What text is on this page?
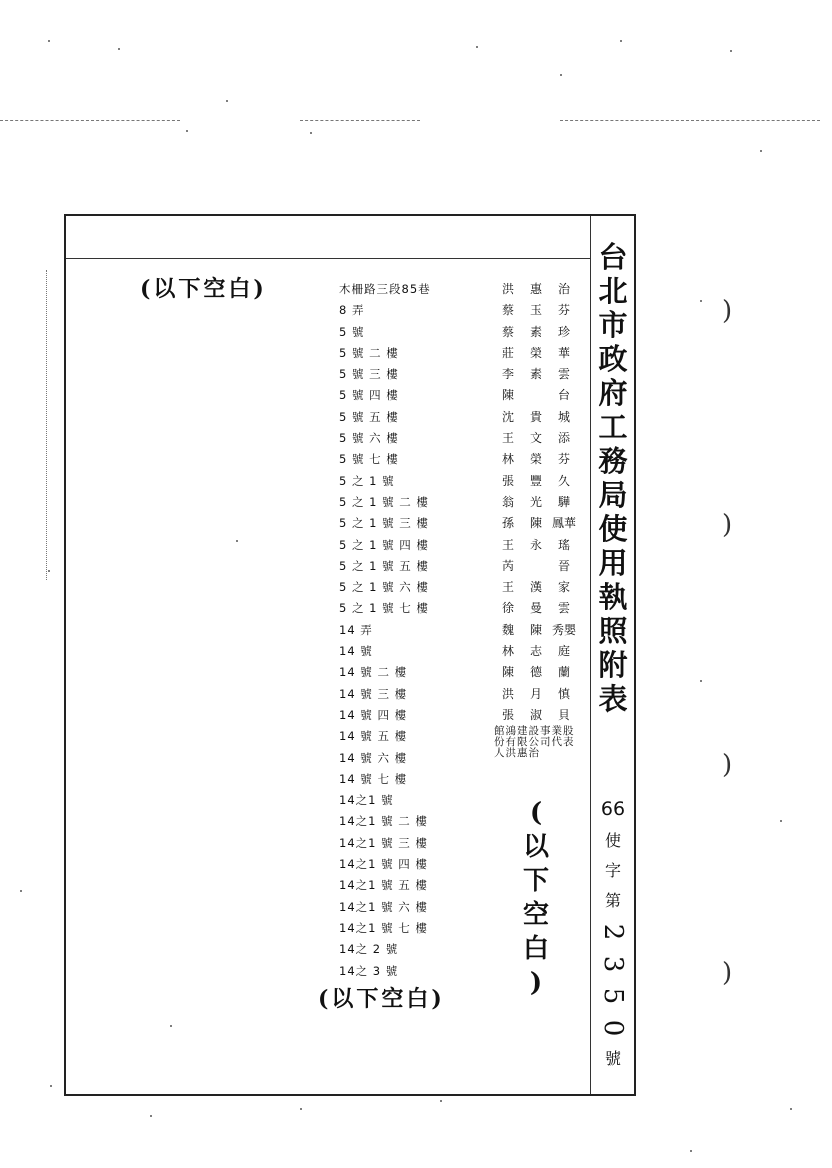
台
北
市
政
府
工
務
局
使
用
執
照
附
表
66
使
字
第
2
3
5
0
號
(以下空白)
(以下空白)
(
以
下
空
白
)
木柵路三段85巷
8 弄
5 號
5 號 二 樓
5 號 三 樓
5 號 四 樓
5 號 五 樓
5 號 六 樓
5 號 七 樓
5 之 1 號
5 之 1 號 二 樓
5 之 1 號 三 樓
5 之 1 號 四 樓
5 之 1 號 五 樓
5 之 1 號 六 樓
5 之 1 號 七 樓
14 弄
14 號
14 號 二 樓
14 號 三 樓
14 號 四 樓
14 號 五 樓
14 號 六 樓
14 號 七 樓
14之1 號
14之1 號 二 樓
14之1 號 三 樓
14之1 號 四 樓
14之1 號 五 樓
14之1 號 六 樓
14之1 號 七 樓
14之 2 號
14之 3 號
洪 惠 治
蔡 玉 芬
蔡 素 珍
莊 榮 華
李 素 雲
陳	台
沈 貴 城
王 文 添
林 榮 芬
張 豐 久
翁 光 驊
孫 陳 鳳華
王 永 瑤
芮	晉
王 漢 家
徐 曼 雲
魏 陳 秀嬰
林 志 庭
陳 德 蘭
洪 月 慎
張 淑 貝
館鴻建設事業股份有限公司代表人洪惠治
)
)
)
)
